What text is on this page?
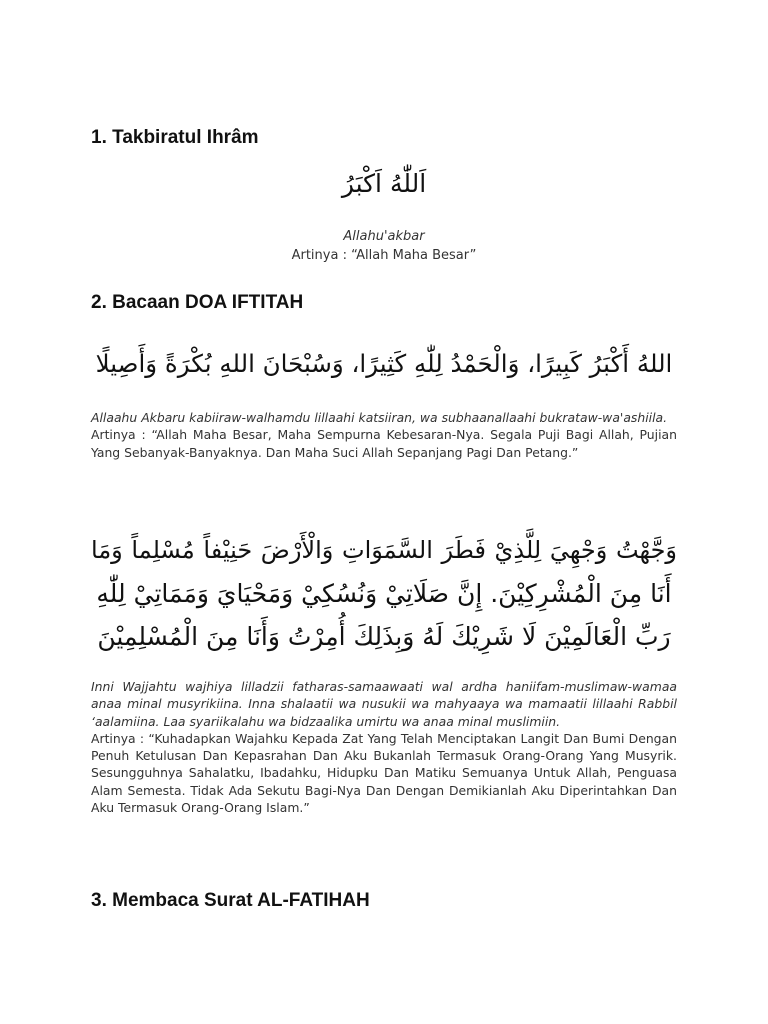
1. Takbiratul Ihrâm
اَللّٰهُ اَكْبَرُ
Allahu'akbar
Artinya : “Allah Maha Besar”
2. Bacaan DOA IFTITAH
اللهُ أَكْبَرُ كَبِيرًا، وَالْحَمْدُ لِلّٰهِ كَثِيرًا، وَسُبْحَانَ اللهِ بُكْرَةً وَأَصِيلًا

Allaahu Akbaru kabiiraw-walhamdu lillaahi katsiiran, wa subhaanallaahi bukrataw-wa'ashiila.

Artinya : “Allah Maha Besar, Maha Sempurna Kebesaran-Nya. Segala Puji Bagi Allah, Pujian Yang Sebanyak-Banyaknya. Dan Maha Suci Allah Sepanjang Pagi Dan Petang.”

وَجَّهْتُ وَجْهِيَ لِلَّذِيْ فَطَرَ السَّمَوَاتِ وَالْأَرْضَ حَنِيْفاً مُسْلِماً وَمَا
أَنَا مِنَ الْمُشْرِكِيْنَ. إِنَّ صَلَاتِيْ وَنُسُكِيْ وَمَحْيَايَ وَمَمَاتِيْ لِلّٰهِ
رَبِّ الْعَالَمِيْنَ لَا شَرِيْكَ لَهُ وَبِذَلِكَ أُمِرْتُ وَأَنَا مِنَ الْمُسْلِمِيْنَ

Inni Wajjahtu wajhiya lilladzii fatharas-samaawaati wal ardha haniifam-muslimaw-wamaa anaa minal musyrikiina. Inna shalaatii wa nusukii wa mahyaaya wa mamaatii lillaahi Rabbil ‘aalamiina. Laa syariikalahu wa bidzaalika umirtu wa anaa minal muslimiin.

Artinya : “Kuhadapkan Wajahku Kepada Zat Yang Telah Menciptakan Langit Dan Bumi Dengan Penuh Ketulusan Dan Kepasrahan Dan Aku Bukanlah Termasuk Orang-Orang Yang Musyrik. Sesungguhnya Sahalatku, Ibadahku, Hidupku Dan Matiku Semuanya Untuk Allah, Penguasa Alam Semesta. Tidak Ada Sekutu Bagi-Nya Dan Dengan Demikianlah Aku Diperintahkan Dan Aku Termasuk Orang-Orang Islam.”

3. Membaca Surat AL-FATIHAH
